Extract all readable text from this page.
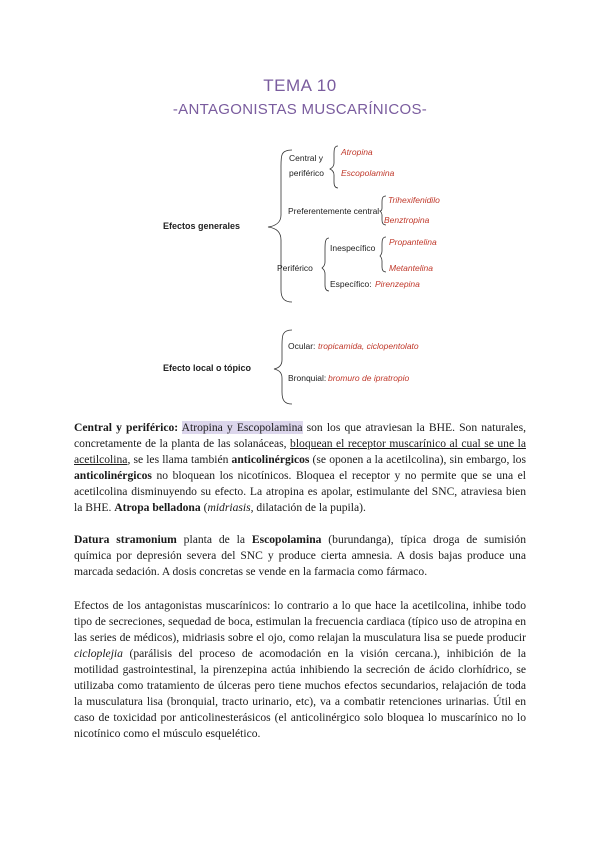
TEMA 10
-ANTAGONISTAS MUSCARÍNICOS-
Central y
periférico
Atropina
Escopolamina
Efectos generales
Preferentemente central
Trihexifenidilo
Benztropina
Periférico
Inespecífico
Propantelina
Metantelina
Específico: Pirenzepina
Efecto local o tópico
Ocular: tropicamida, ciclopentolato
Bronquial: bromuro de ipratropio

Central y periférico: Atropina y Escopolamina son los que atraviesan la BHE. Son naturales, concretamente de la planta de las solanáceas, bloquean el receptor muscarínico al cual se une la acetilcolina, se les llama también anticolinérgicos (se oponen a la acetilcolina), sin embargo, los anticolinérgicos no bloquean los nicotínicos. Bloquea el receptor y no permite que se una el acetilcolina disminuyendo su efecto. La atropina es apolar, estimulante del SNC, atraviesa bien la BHE. Atropa belladona (midriasis, dilatación de la pupila).

Datura stramonium planta de la Escopolamina (burundanga), típica droga de sumisión química por depresión severa del SNC y produce cierta amnesia. A dosis bajas produce una marcada sedación. A dosis concretas se vende en la farmacia como fármaco.

Efectos de los antagonistas muscarínicos: lo contrario a lo que hace la acetilcolina, inhibe todo tipo de secreciones, sequedad de boca, estimulan la frecuencia cardiaca (típico uso de atropina en las series de médicos), midriasis sobre el ojo, como relajan la musculatura lisa se puede producir cicloplejia (parálisis del proceso de acomodación en la visión cercana.), inhibición de la motilidad gastrointestinal, la pirenzepina actúa inhibiendo la secreción de ácido clorhídrico, se utilizaba como tratamiento de úlceras pero tiene muchos efectos secundarios, relajación de toda la musculatura lisa (bronquial, tracto urinario, etc), va a combatir retenciones urinarias. Útil en caso de toxicidad por anticolinesterásicos (el anticolinérgico solo bloquea lo muscarínico no lo nicotínico como el músculo esquelético.
